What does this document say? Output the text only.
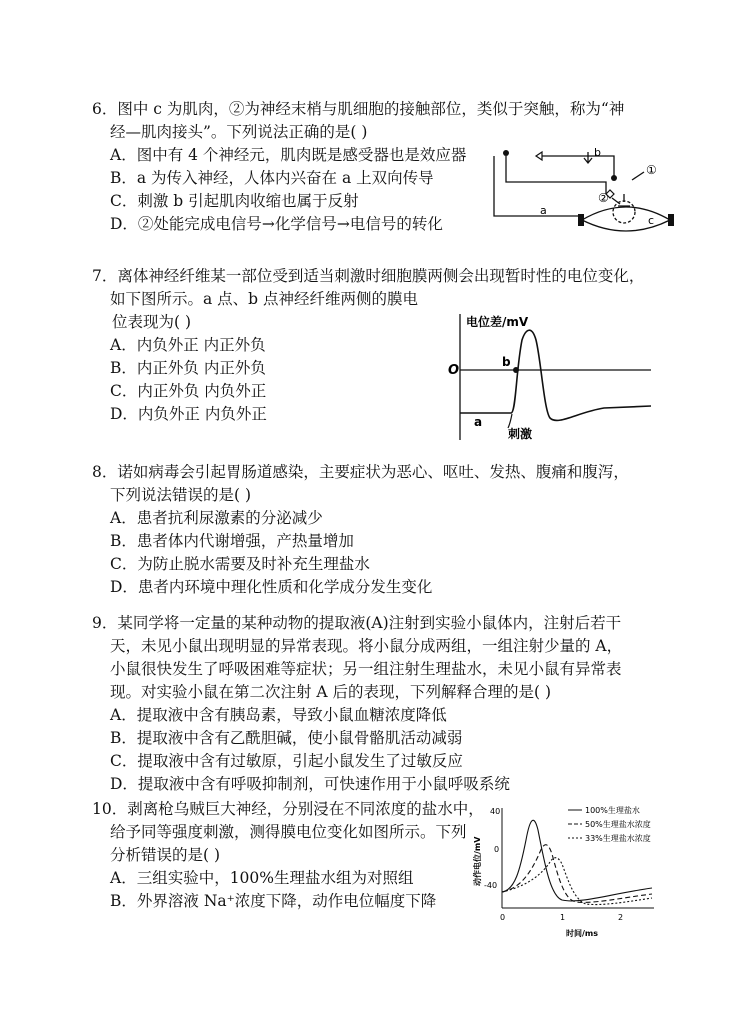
6．图中 c 为肌肉，②为神经末梢与肌细胞的接触部位，类似于突触，称为“神
经—肌肉接头”。下列说法正确的是( )
A．图中有 4 个神经元，肌肉既是感受器也是效应器
B．a 为传入神经，人体内兴奋在 a 上双向传导
C．刺激 b 引起肌肉收缩也属于反射
D．②处能完成电信号→化学信号→电信号的转化
b
①
②
a
c
7．离体神经纤维某一部位受到适当刺激时细胞膜两侧会出现暂时性的电位变化，
如下图所示。a 点、b 点神经纤维两侧的膜电
位表现为( )
A．内负外正 内正外负
B．内正外负 内正外负
C．内正外负 内负外正
D．内负外正 内负外正
电位差/mV
O
a
b
刺激
8．诺如病毒会引起胃肠道感染，主要症状为恶心、呕吐、发热、腹痛和腹泻，
下列说法错误的是( )
A．患者抗利尿激素的分泌减少
B．患者体内代谢增强，产热量增加
C．为防止脱水需要及时补充生理盐水
D．患者内环境中理化性质和化学成分发生变化
9．某同学将一定量的某种动物的提取液(A)注射到实验小鼠体内，注射后若干
天，未见小鼠出现明显的异常表现。将小鼠分成两组，一组注射少量的 A，
小鼠很快发生了呼吸困难等症状；另一组注射生理盐水，未见小鼠有异常表
现。对实验小鼠在第二次注射 A 后的表现，下列解释合理的是( )
A．提取液中含有胰岛素，导致小鼠血糖浓度降低
B．提取液中含有乙酰胆碱，使小鼠骨骼肌活动减弱
C．提取液中含有过敏原，引起小鼠发生了过敏反应
D．提取液中含有呼吸抑制剂，可快速作用于小鼠呼吸系统
10．剥离枪乌贼巨大神经，分别浸在不同浓度的盐水中，
给予同等强度刺激，测得膜电位变化如图所示。下列
分析错误的是( )
A．三组实验中，100%生理盐水组为对照组
B．外界溶液 Na⁺浓度下降，动作电位幅度下降
100%生理盐水
50%生理盐水浓度
33%生理盐水浓度
40
0
-40
0	1	2
时间/ms
动作电位/mV
